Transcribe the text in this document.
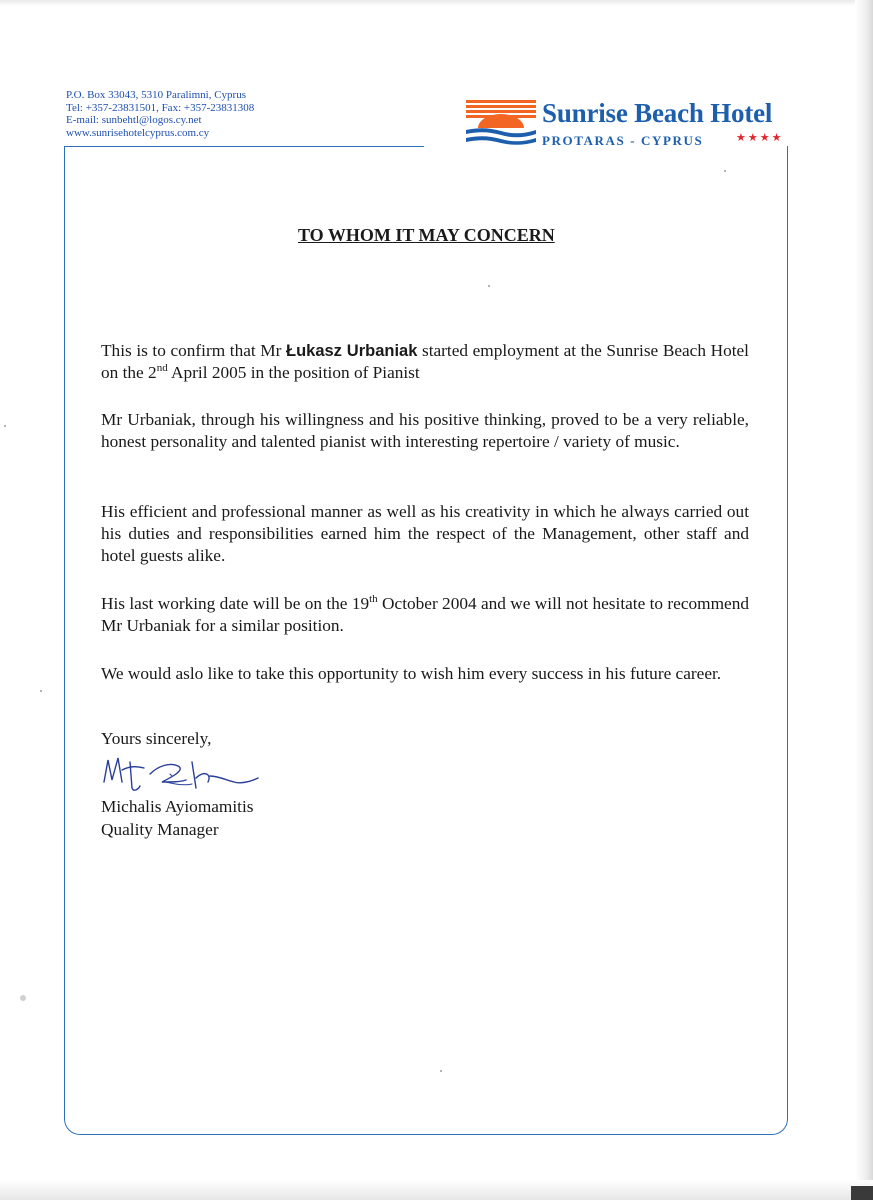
P.O. Box 33043, 5310 Paralimni, Cyprus
Tel: +357-23831501, Fax: +357-23831308
E-mail: sunbehtl@logos.cy.net
www.sunrisehotelcyprus.com.cy
Sunrise Beach Hotel
PROTARAS - CYPRUS	★★★★
TO WHOM IT MAY CONCERN
This is to confirm that Mr Łukasz Urbaniak started employment at the Sunrise Beach Hotel on the 2nd April 2005 in the position of Pianist
Mr Urbaniak, through his willingness and his positive thinking, proved to be a very reliable, honest personality and talented pianist with interesting repertoire / variety of music.
His efficient and professional manner as well as his creativity in which he always carried out his duties and responsibilities earned him the respect of the Management, other staff and hotel guests alike.
His last working date will be on the 19th October 2004 and we will not hesitate to recommend Mr Urbaniak for a similar position.
We would aslo like to take this opportunity to wish him every success in his future career.
Yours sincerely,
Michalis Ayiomamitis
Quality Manager
